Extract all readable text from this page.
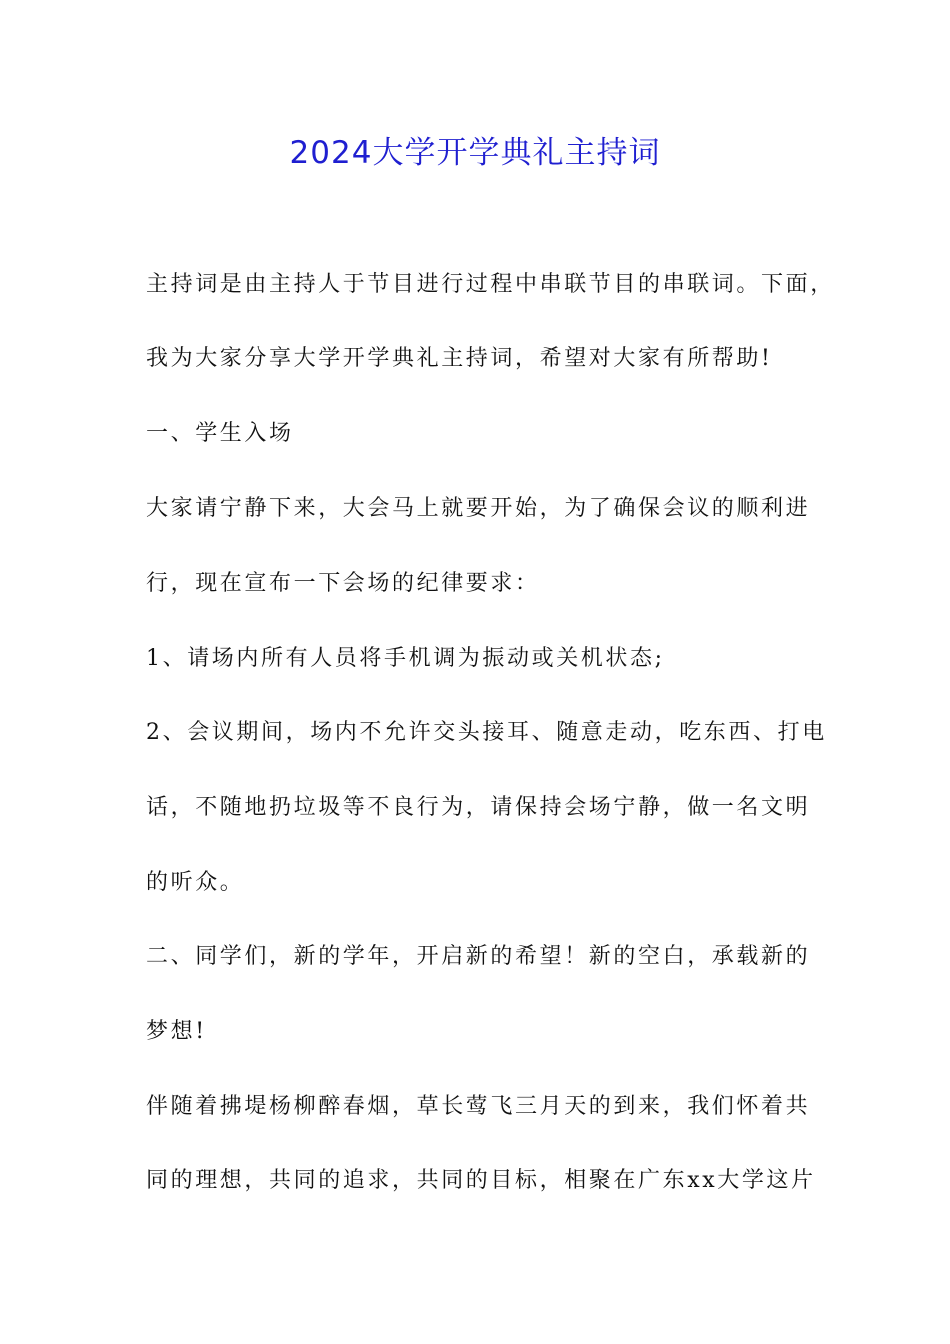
2024大学开学典礼主持词
主持词是由主持人于节目进行过程中串联节目的串联词。下面，
我为大家分享大学开学典礼主持词，希望对大家有所帮助!
一、学生入场
大家请宁静下来，大会马上就要开始，为了确保会议的顺利进
行，现在宣布一下会场的纪律要求：
1、请场内所有人员将手机调为振动或关机状态;
2、会议期间，场内不允许交头接耳、随意走动，吃东西、打电
话，不随地扔垃圾等不良行为，请保持会场宁静，做一名文明
的听众。
二、同学们，新的学年，开启新的希望！新的空白，承载新的
梦想!
伴随着拂堤杨柳醉春烟，草长莺飞三月天的到来，我们怀着共
同的理想，共同的追求，共同的目标，相聚在广东xx大学这片
